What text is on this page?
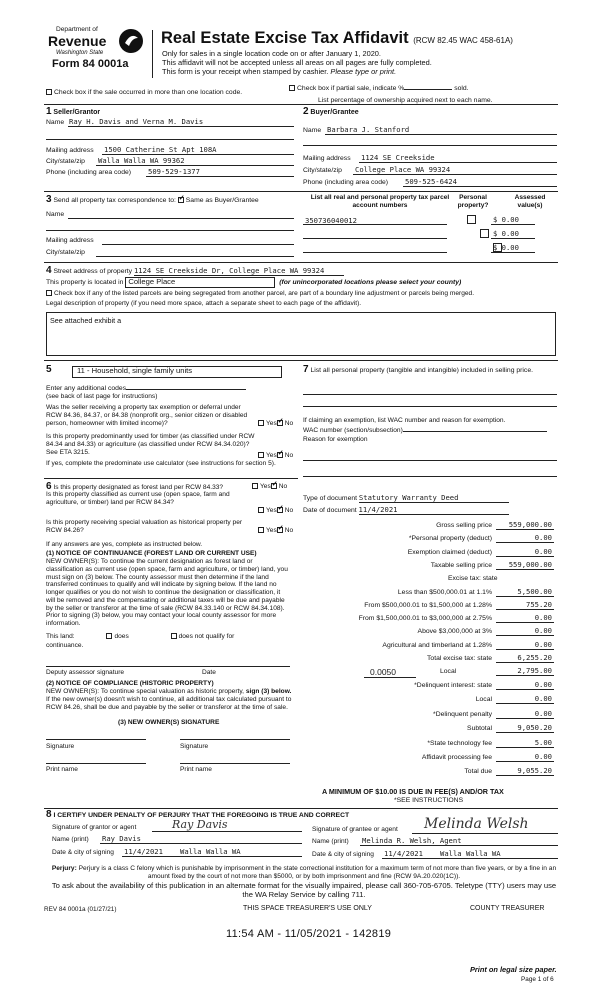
Department of
Revenue
Washington State
Form 84 0001a
Real Estate Excise Tax Affidavit (RCW 82.45 WAC 458-61A)
Only for sales in a single location code on or after January 1, 2020.
This affidavit will not be accepted unless all areas on all pages are fully completed.
This form is your receipt when stamped by cashier. Please type or print.
Check box if the sale occurred in more than one location code.
Check box if partial sale, indicate %	sold.
List percentage of ownership acquired next to each name.
1 Seller/Grantor
Name Ray H. Davis and Verna M. Davis
Mailing address 1500 Catherine St Apt 108A
City/state/zip Walla Walla WA 99362
Phone (including area code) 509-529-1377
2 Buyer/Grantee
Name Barbara J. Stanford
Mailing address 1124 SE Creekside
City/state/zip College Place WA 99324
Phone (including area code) 509-525-6424
3 Send all property tax correspondence to: ✓ Same as Buyer/Grantee
Name
Mailing address
City/state/zip
List all real and personal property tax parcel account numbers
Personal property?
Assessed value(s)
350736040012
	$ 0.00
$ 0.00
$ 0.00
4 Street address of property 1124 SE Creekside Dr, College Place WA 99324
This property is located in College Place	(for unincorporated locations please select your county)
Check box if any of the listed parcels are being segregated from another parcel, are part of a boundary line adjustment or parcels being merged.
Legal description of property (if you need more space, attach a separate sheet to each page of the affidavit).
See attached exhibit a
5	11 - Household, single family units
Enter any additional codes
(see back of last page for instructions)
Was the seller receiving a property tax exemption or deferral under RCW 84.36, 84.37, or 84.38 (nonprofit org., senior citizen or disabled person, homeowner with limited income)?	Yes ✓ No
Is this property predominantly used for timber (as classified under RCW 84.34 and 84.33) or agriculture (as classified under RCW 84.34.020)? See ETA 3215.	Yes ✓ No
If yes, complete the predominate use calculator (see instructions for section 5).
6 Is this property designated as forest land per RCW 84.33?	Yes ✓ No
Is this property classified as current use (open space, farm and agriculture, or timber) land per RCW 84.34?
Yes ✓ No
Is this property receiving special valuation as historical property per RCW 84.26?	Yes ✓ No
If any answers are yes, complete as instructed below.
(1) NOTICE OF CONTINUANCE (FOREST LAND OR CURRENT USE)
NEW OWNER(S): To continue the current designation as forest land or classification as current use (open space, farm and agriculture, or timber) land, you must sign on (3) below. The county assessor must then determine if the land transferred continues to qualify and will indicate by signing below. If the land no longer qualifies or you do not wish to continue the designation or classification, it will be removed and the compensating or additional taxes will be due and payable by the seller or transferor at the time of sale (RCW 84.33.140 or RCW 84.34.108). Prior to signing (3) below, you may contact your local county assessor for more information.
This land:	does	does not qualify for
continuance.
Deputy assessor signature	Date
(2) NOTICE OF COMPLIANCE (HISTORIC PROPERTY)
NEW OWNER(S): To continue special valuation as historic property, sign (3) below. If the new owner(s) doesn't wish to continue, all additional tax calculated pursuant to RCW 84.26, shall be due and payable by the seller or transferor at the time of sale.
(3) NEW OWNER(S) SIGNATURE
Signature	Signature
Print name	Print name
7 List all personal property (tangible and intangible) included in selling price.
If claiming an exemption, list WAC number and reason for exemption.
WAC number (section/subsection)
Reason for exemption
Type of document Statutory Warranty Deed
Date of document 11/4/2021
Gross selling price	559,000.00
*Personal property (deduct)	0.00
Exemption claimed (deduct)	0.00
Taxable selling price	559,000.00
Excise tax: state
Less than $500,000.01 at 1.1%	5,500.00
From $500,000.01 to $1,500,000 at 1.28%	755.20
From $1,500,000.01 to $3,000,000 at 2.75%	0.00
Above $3,000,000 at 3%	0.00
Agricultural and timberland at 1.28%	0.00
Total excise tax: state	6,255.20
0.0050	Local	2,795.00
*Delinquent interest: state	0.00
Local	0.00
*Delinquent penalty	0.00
Subtotal	9,050.20
*State technology fee	5.00
Affidavit processing fee	0.00
Total due	9,055.20
A MINIMUM OF $10.00 IS DUE IN FEE(S) AND/OR TAX
*SEE INSTRUCTIONS
8 I CERTIFY UNDER PENALTY OF PERJURY THAT THE FOREGOING IS TRUE AND CORRECT
Signature of grantor or agent	Ray Davis
Name (print) Ray Davis
Date & city of signing 11/4/2021 Walla Walla WA
Signature of grantee or agent Melinda Welsh
Name (print) Melinda R. Welsh, Agent
Date & city of signing 11/4/2021 Walla Walla WA
Perjury: Perjury is a class C felony which is punishable by imprisonment in the state correctional institution for a maximum term of not more than five years, or by a fine in an amount fixed by the court of not more than $5000, or by both imprisonment and fine (RCW 9A.20.020(1C)).
To ask about the availability of this publication in an alternate format for the visually impaired, please call 360-705-6705. Teletype (TTY) users may use the WA Relay Service by calling 711.
REV 84 0001a (01/27/21)	THIS SPACE TREASURER'S USE ONLY	COUNTY TREASURER
11:54 AM - 11/05/2021 - 142819
Print on legal size paper.
Page 1 of 6
